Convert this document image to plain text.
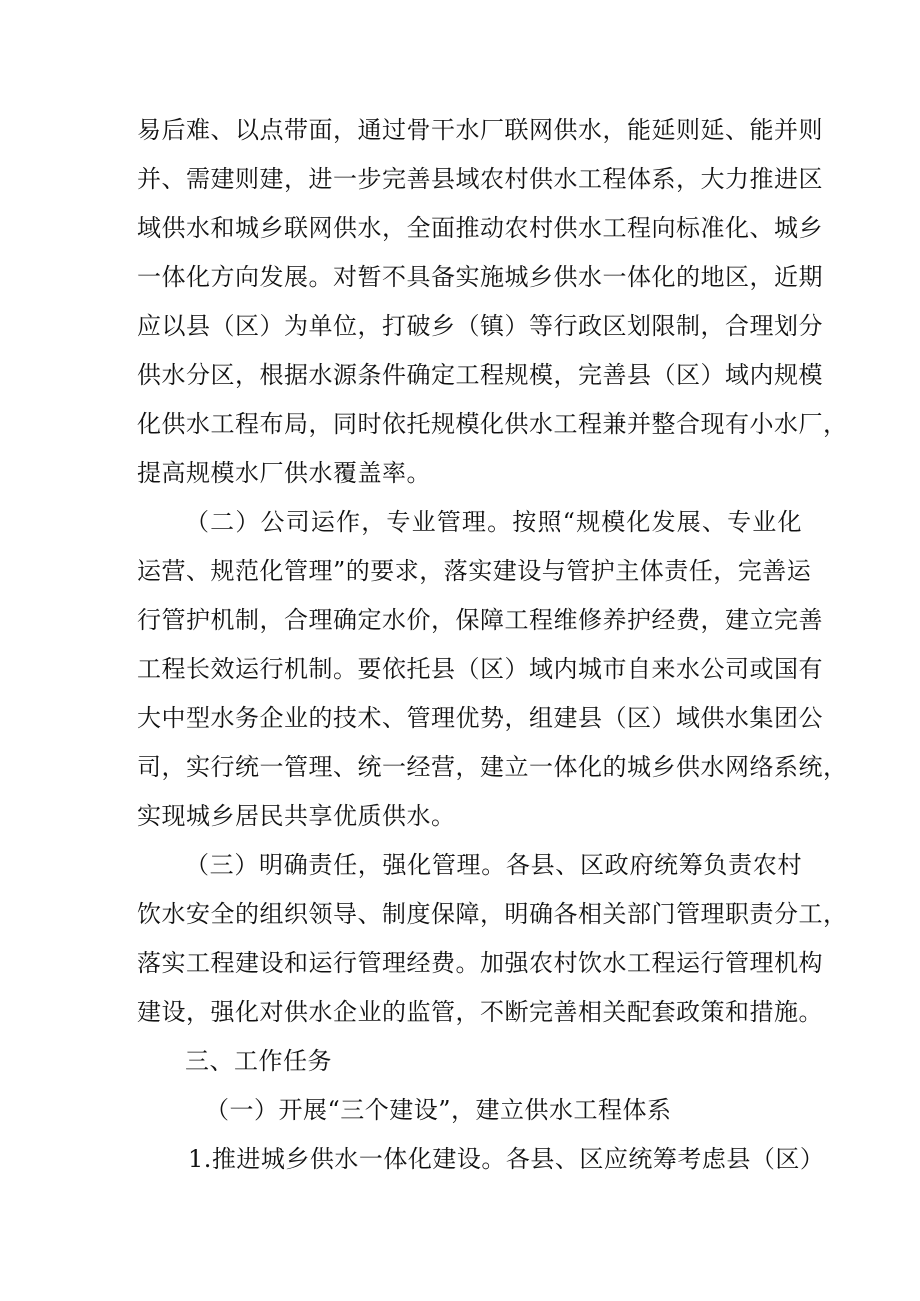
易后难、以点带面，通过骨干水厂联网供水，能延则延、能并则
并、需建则建，进一步完善县域农村供水工程体系，大力推进区
域供水和城乡联网供水，全面推动农村供水工程向标准化、城乡
一体化方向发展。对暂不具备实施城乡供水一体化的地区，近期
应以县（区）为单位，打破乡（镇）等行政区划限制，合理划分
供水分区，根据水源条件确定工程规模，完善县（区）域内规模
化供水工程布局，同时依托规模化供水工程兼并整合现有小水厂，
提高规模水厂供水覆盖率。
（二）公司运作，专业管理。按照“规模化发展、专业化
运营、规范化管理”的要求，落实建设与管护主体责任，完善运
行管护机制，合理确定水价，保障工程维修养护经费，建立完善
工程长效运行机制。要依托县（区）域内城市自来水公司或国有
大中型水务企业的技术、管理优势，组建县（区）域供水集团公
司，实行统一管理、统一经营，建立一体化的城乡供水网络系统，
实现城乡居民共享优质供水。
（三）明确责任，强化管理。各县、区政府统筹负责农村
饮水安全的组织领导、制度保障，明确各相关部门管理职责分工，
落实工程建设和运行管理经费。加强农村饮水工程运行管理机构
建设，强化对供水企业的监管，不断完善相关配套政策和措施。
三、工作任务
（一）开展“三个建设”，建立供水工程体系
1.推进城乡供水一体化建设。各县、区应统筹考虑县（区）
